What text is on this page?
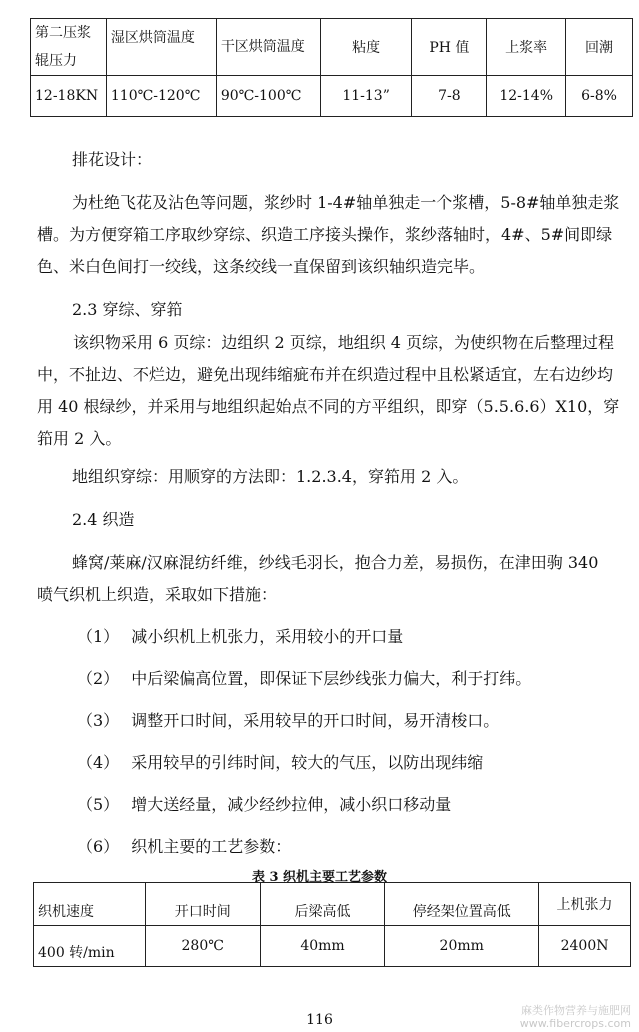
第二压浆辊压力	湿区烘筒温度	干区烘筒温度	粘度	PH 值	上浆率	回潮
12-18KN	110℃-120℃	90℃-100℃	11-13”	7-8	12-14%	6-8%
排花设计：
为杜绝飞花及沾色等问题，浆纱时 1-4#轴单独走一个浆槽，5-8#轴单独走浆
槽。为方便穿箱工序取纱穿综、织造工序接头操作，浆纱落轴时，4#、5#间即绿
色、米白色间打一绞线，这条绞线一直保留到该织轴织造完毕。
2.3 穿综、穿筘
该织物采用 6 页综：边组织 2 页综，地组织 4 页综，为使织物在后整理过程中，不扯边、不烂边，避免出现纬缩疵布并在织造过程中且松紧适宜，左右边纱均用 40 根绿纱，并采用与地组织起始点不同的方平组织，即穿（5.5.6.6）X10，穿筘用 2 入。
地组织穿综：用顺穿的方法即：1.2.3.4，穿筘用 2 入。
2.4 织造
蜂窝/莱麻/汉麻混纺纤维，纱线毛羽长，抱合力差，易损伤，在津田驹 340
喷气织机上织造，采取如下措施：
（1） 减小织机上机张力，采用较小的开口量
（2） 中后梁偏高位置，即保证下层纱线张力偏大，利于打纬。
（3） 调整开口时间，采用较早的开口时间，易开清梭口。
（4） 采用较早的引纬时间，较大的气压，以防出现纬缩
（5） 增大送经量，减少经纱拉伸，减小织口移动量
（6） 织机主要的工艺参数：
表 3 织机主要工艺参数
织机速度	开口时间	后梁高低	停经架位置高低	上机张力
400 转/min	280℃	40mm	20mm	2400N
116
麻类作物营养与施肥网
www.fibercrops.com
